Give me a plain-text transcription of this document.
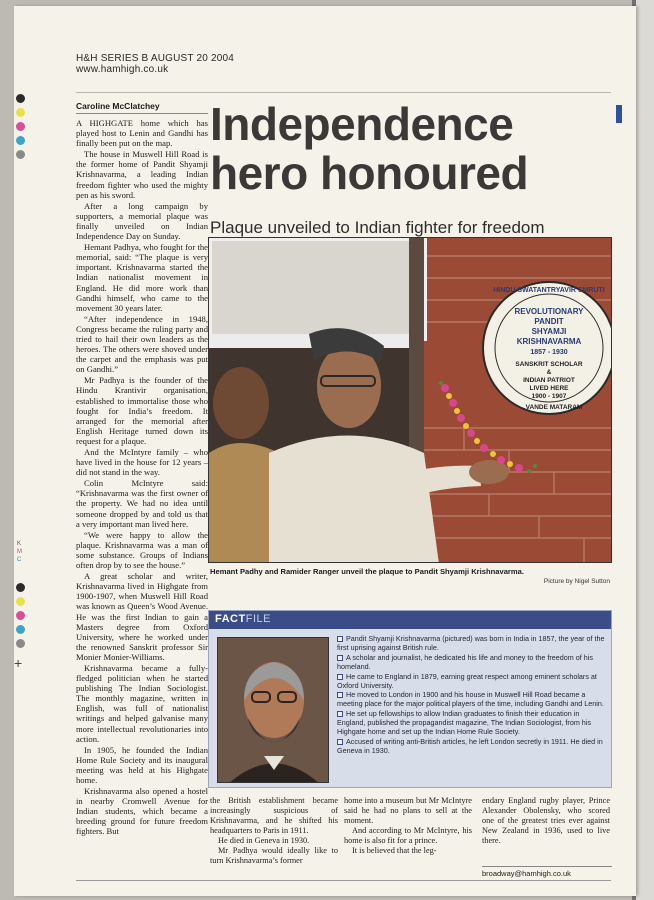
H&H SERIES B AUGUST 20 2004
www.hamhigh.co.uk
K
M
C
+
Caroline McClatchey

A HIGHGATE home which has played host to Lenin and Gandhi has finally been put on the map.

The house in Muswell Hill Road is the former home of Pandit Shyamji Krishnavarma, a leading Indian freedom fighter who used the mighty pen as his sword.

After a long campaign by supporters, a memorial plaque was finally unveiled on Indian Independence Day on Sunday.

Hemant Padhya, who fought for the memorial, said: “The plaque is very important. Krishnavarma started the Indian nationalist movement in England. He did more work than Gandhi himself, who came to the movement 30 years later.

“After independence in 1948, Congress became the ruling party and tried to hail their own leaders as the heroes. The others were shoved under the carpet and the emphasis was put on Gandhi.”

Mr Padhya is the founder of the Hindu Krantivir organisation, established to immortalise those who fought for India’s freedom. It arranged for the memorial after English Heritage turned down its request for a plaque.

And the McIntyre family – who have lived in the house for 12 years – did not stand in the way.

Colin McIntyre said: “Krishnavarma was the first owner of the property. We had no idea until someone dropped by and told us that a very important man lived here.

“We were happy to allow the plaque. Krishnavarma was a man of some substance. Groups of Indians often drop by to see the house.”

A great scholar and writer, Krishnavarma lived in Highgate from 1900-1907, when Muswell Hill Road was known as Queen’s Wood Avenue. He was the first Indian to gain a Masters degree from Oxford University, where he worked under the renowned Sanskrit professor Sir Monier Monier-Williams.

Krishnavarma became a fully-fledged politician when he started publishing The Indian Sociologist. The monthly magazine, written in English, was full of nationalist writings and helped galvanise many more intellectual revolutionaries into action.

In 1905, he founded the Indian Home Rule Society and its inaugural meeting was held at his Highgate home.

Krishnavarma also opened a hostel in nearby Cromwell Avenue for Indian students, which became a breeding ground for future freedom fighters. But

Independence
hero honoured
Plaque unveiled to Indian fighter for freedom
HINDU SWATANTRYAVIR SMRUTI
REVOLUTIONARY
PANDIT
SHYAMJI
KRISHNAVARMA
1857 - 1930
SANSKRIT SCHOLAR
&
INDIAN PATRIOT
LIVED HERE
1900 - 1907
VANDE MATARAM
Hemant Padhy and Ramider Ranger unveil the plaque to Pandit Shyamji Krishnavarma.
Picture by Nigel Sutton
FACTFILE
Pandit Shyamji Krishnavarma (pictured) was born in India in 1857, the year of the first uprising against British rule.
A scholar and journalist, he dedicated his life and money to the freedom of his homeland.
He came to England in 1879, earning great respect among eminent scholars at Oxford University.
He moved to London in 1900 and his house in Muswell Hill Road became a meeting place for the major political players of the time, including Gandhi and Lenin.
He set up fellowships to allow Indian graduates to finish their education in England, published the propagandist magazine, The Indian Sociologist, from his Highgate home and set up the Indian Home Rule Society.
Accused of writing anti-British articles, he left London secretly in 1911. He died in Geneva in 1930.

the British establishment became increasingly suspicious of Krishnavarma, and he shifted his headquarters to Paris in 1911.

He died in Geneva in 1930.

Mr Padhya would ideally like to turn Krishnavarma’s former

home into a museum but Mr McIntyre said he had no plans to sell at the moment.

And according to Mr McIntyre, his home is also fit for a prince.

It is believed that the leg-

endary England rugby player, Prince Alexander Obolensky, who scored one of the greatest tries ever against New Zealand in 1936, used to live there.

broadway@hamhigh.co.uk
